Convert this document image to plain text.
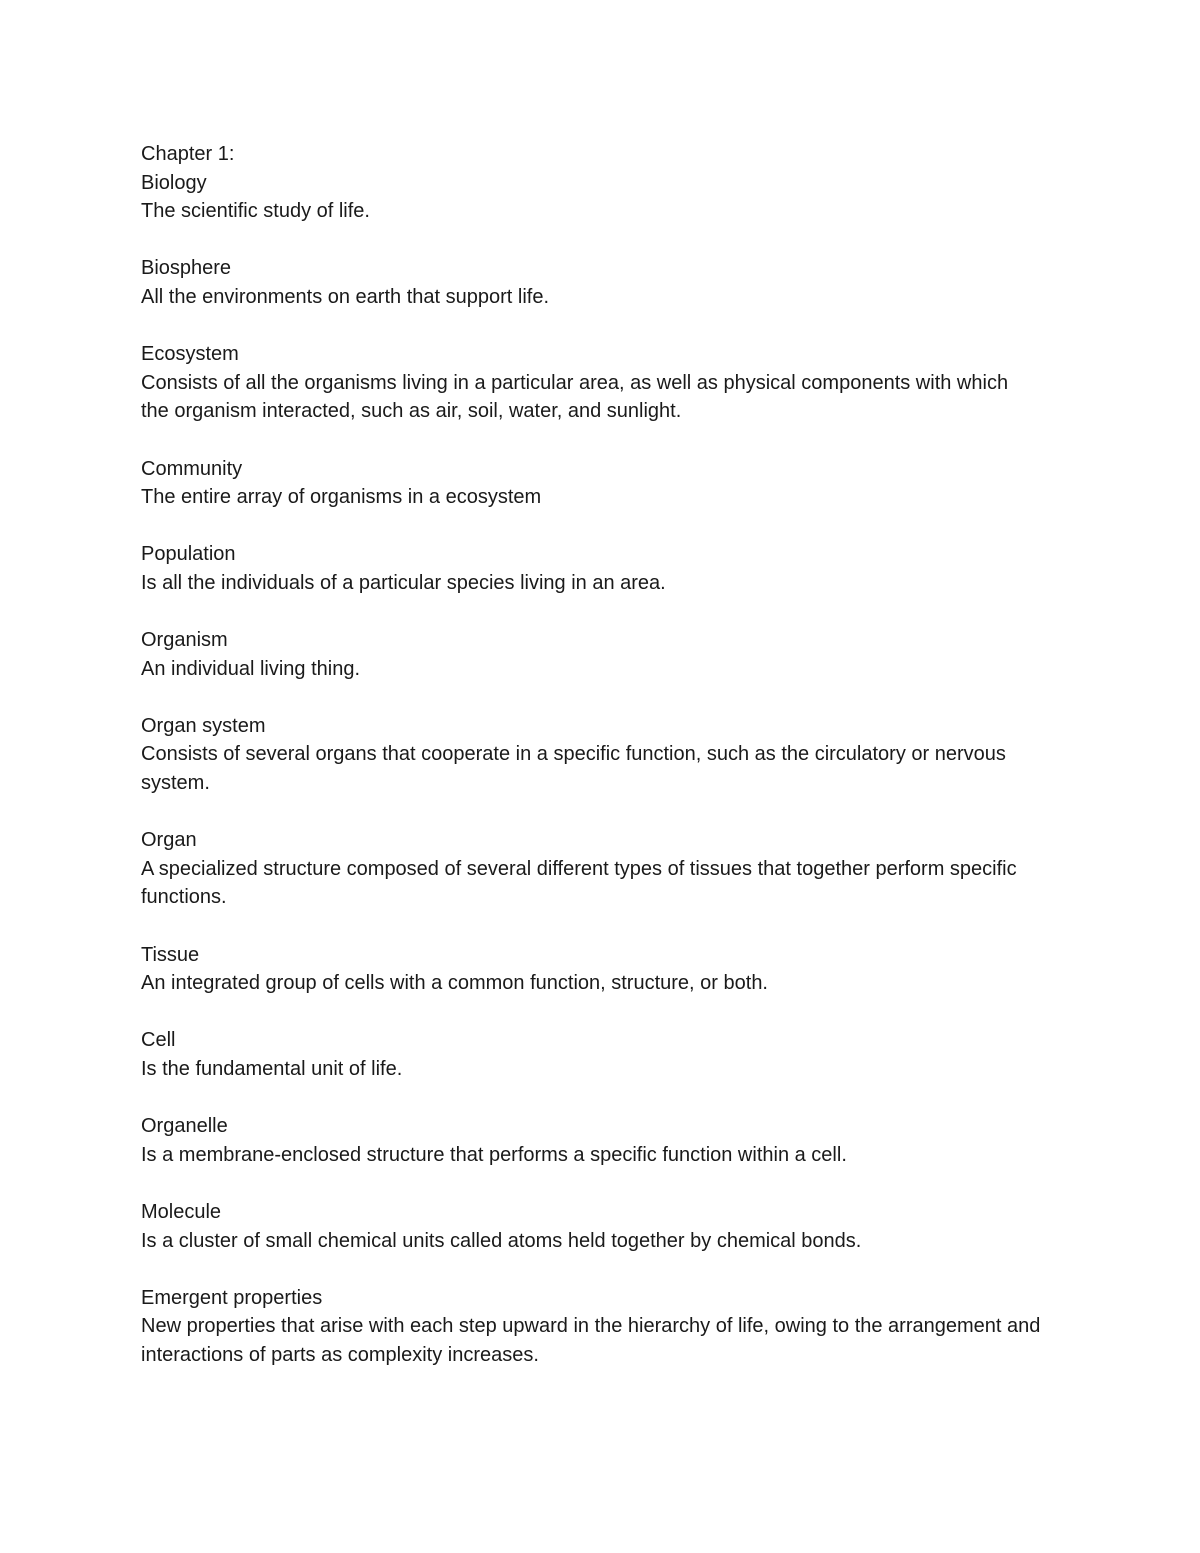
Chapter 1:

Biology

The scientific study of life.

Biosphere

All the environments on earth that support life.

Ecosystem

Consists of all the organisms living in a particular area, as well as physical components with which the organism interacted, such as air, soil, water, and sunlight.

Community

The entire array of organisms in a ecosystem

Population

Is all the individuals of a particular species living in an area.

Organism

An individual living thing.

Organ system

Consists of several organs that cooperate in a specific function, such as the circulatory or nervous system.

Organ

A specialized structure composed of several different types of tissues that together perform specific functions.

Tissue

An integrated group of cells with a common function, structure, or both.

Cell

Is the fundamental unit of life.

Organelle

Is a membrane-enclosed structure that performs a specific function within a cell.

Molecule

Is a cluster of small chemical units called atoms held together by chemical bonds.

Emergent properties

New properties that arise with each step upward in the hierarchy of life, owing to the arrangement and interactions of parts as complexity increases.
